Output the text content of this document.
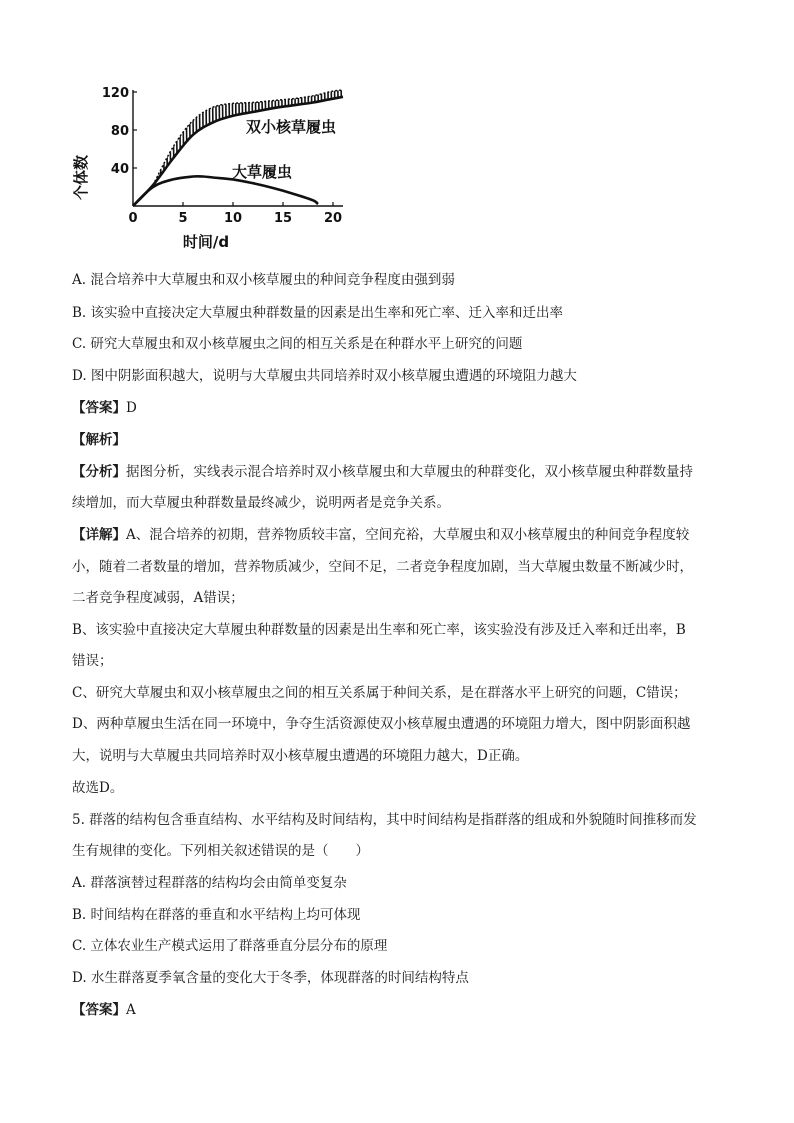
0	5	10 15 20
40
80
120
个体数
时间/d
双小核草履虫
大草履虫
A. 混合培养中大草履虫和双小核草履虫的种间竞争程度由强到弱
B. 该实验中直接决定大草履虫种群数量的因素是出生率和死亡率、迁入率和迁出率
C. 研究大草履虫和双小核草履虫之间的相互关系是在种群水平上研究的问题
D. 图中阴影面积越大，说明与大草履虫共同培养时双小核草履虫遭遇的环境阻力越大
【答案】D
【解析】
【分析】据图分析，实线表示混合培养时双小核草履虫和大草履虫的种群变化，双小核草履虫种群数量持
续增加，而大草履虫种群数量最终减少，说明两者是竞争关系。
【详解】A、混合培养的初期，营养物质较丰富，空间充裕，大草履虫和双小核草履虫的种间竞争程度较
小，随着二者数量的增加，营养物质减少，空间不足，二者竞争程度加剧，当大草履虫数量不断减少时，
二者竞争程度减弱，A错误；
B、该实验中直接决定大草履虫种群数量的因素是出生率和死亡率，该实验没有涉及迁入率和迁出率，B
错误；
C、研究大草履虫和双小核草履虫之间的相互关系属于种间关系，是在群落水平上研究的问题，C错误；
D、两种草履虫生活在同一环境中，争夺生活资源使双小核草履虫遭遇的环境阻力增大，图中阴影面积越
大，说明与大草履虫共同培养时双小核草履虫遭遇的环境阻力越大，D正确。
故选D。
5. 群落的结构包含垂直结构、水平结构及时间结构，其中时间结构是指群落的组成和外貌随时间推移而发
生有规律的变化。下列相关叙述错误的是（　　）
A. 群落演替过程群落的结构均会由简单变复杂
B. 时间结构在群落的垂直和水平结构上均可体现
C. 立体农业生产模式运用了群落垂直分层分布的原理
D. 水生群落夏季氧含量的变化大于冬季，体现群落的时间结构特点
【答案】A
